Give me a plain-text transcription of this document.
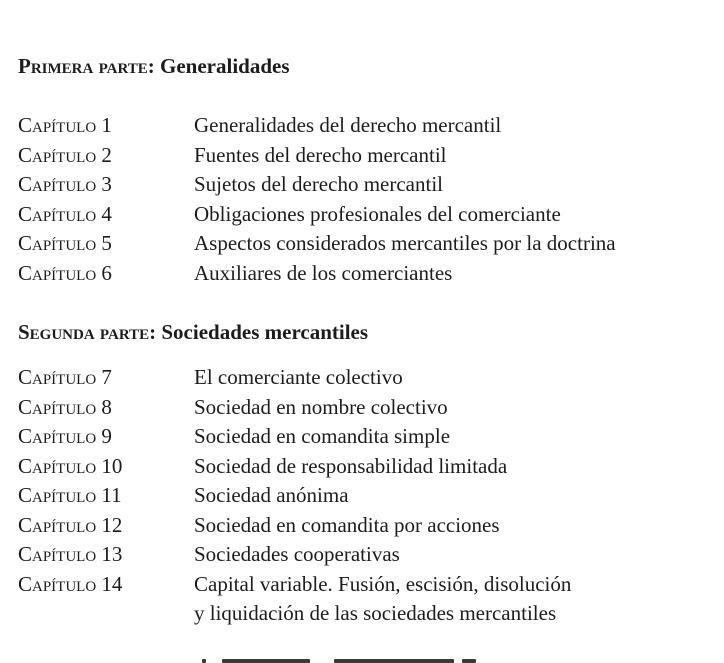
Primera parte: Generalidades
Capítulo 1	Generalidades del derecho mercantil
Capítulo 2	Fuentes del derecho mercantil
Capítulo 3	Sujetos del derecho mercantil
Capítulo 4	Obligaciones profesionales del comerciante
Capítulo 5	Aspectos considerados mercantiles por la doctrina
Capítulo 6	Auxiliares de los comerciantes
Segunda parte: Sociedades mercantiles
Capítulo 7	El comerciante colectivo
Capítulo 8	Sociedad en nombre colectivo
Capítulo 9	Sociedad en comandita simple
Capítulo 10	Sociedad de responsabilidad limitada
Capítulo 11	Sociedad anónima
Capítulo 12	Sociedad en comandita por acciones
Capítulo 13	Sociedades cooperativas
Capítulo 14	Capital variable. Fusión, escisión, disolución
y liquidación de las sociedades mercantiles
